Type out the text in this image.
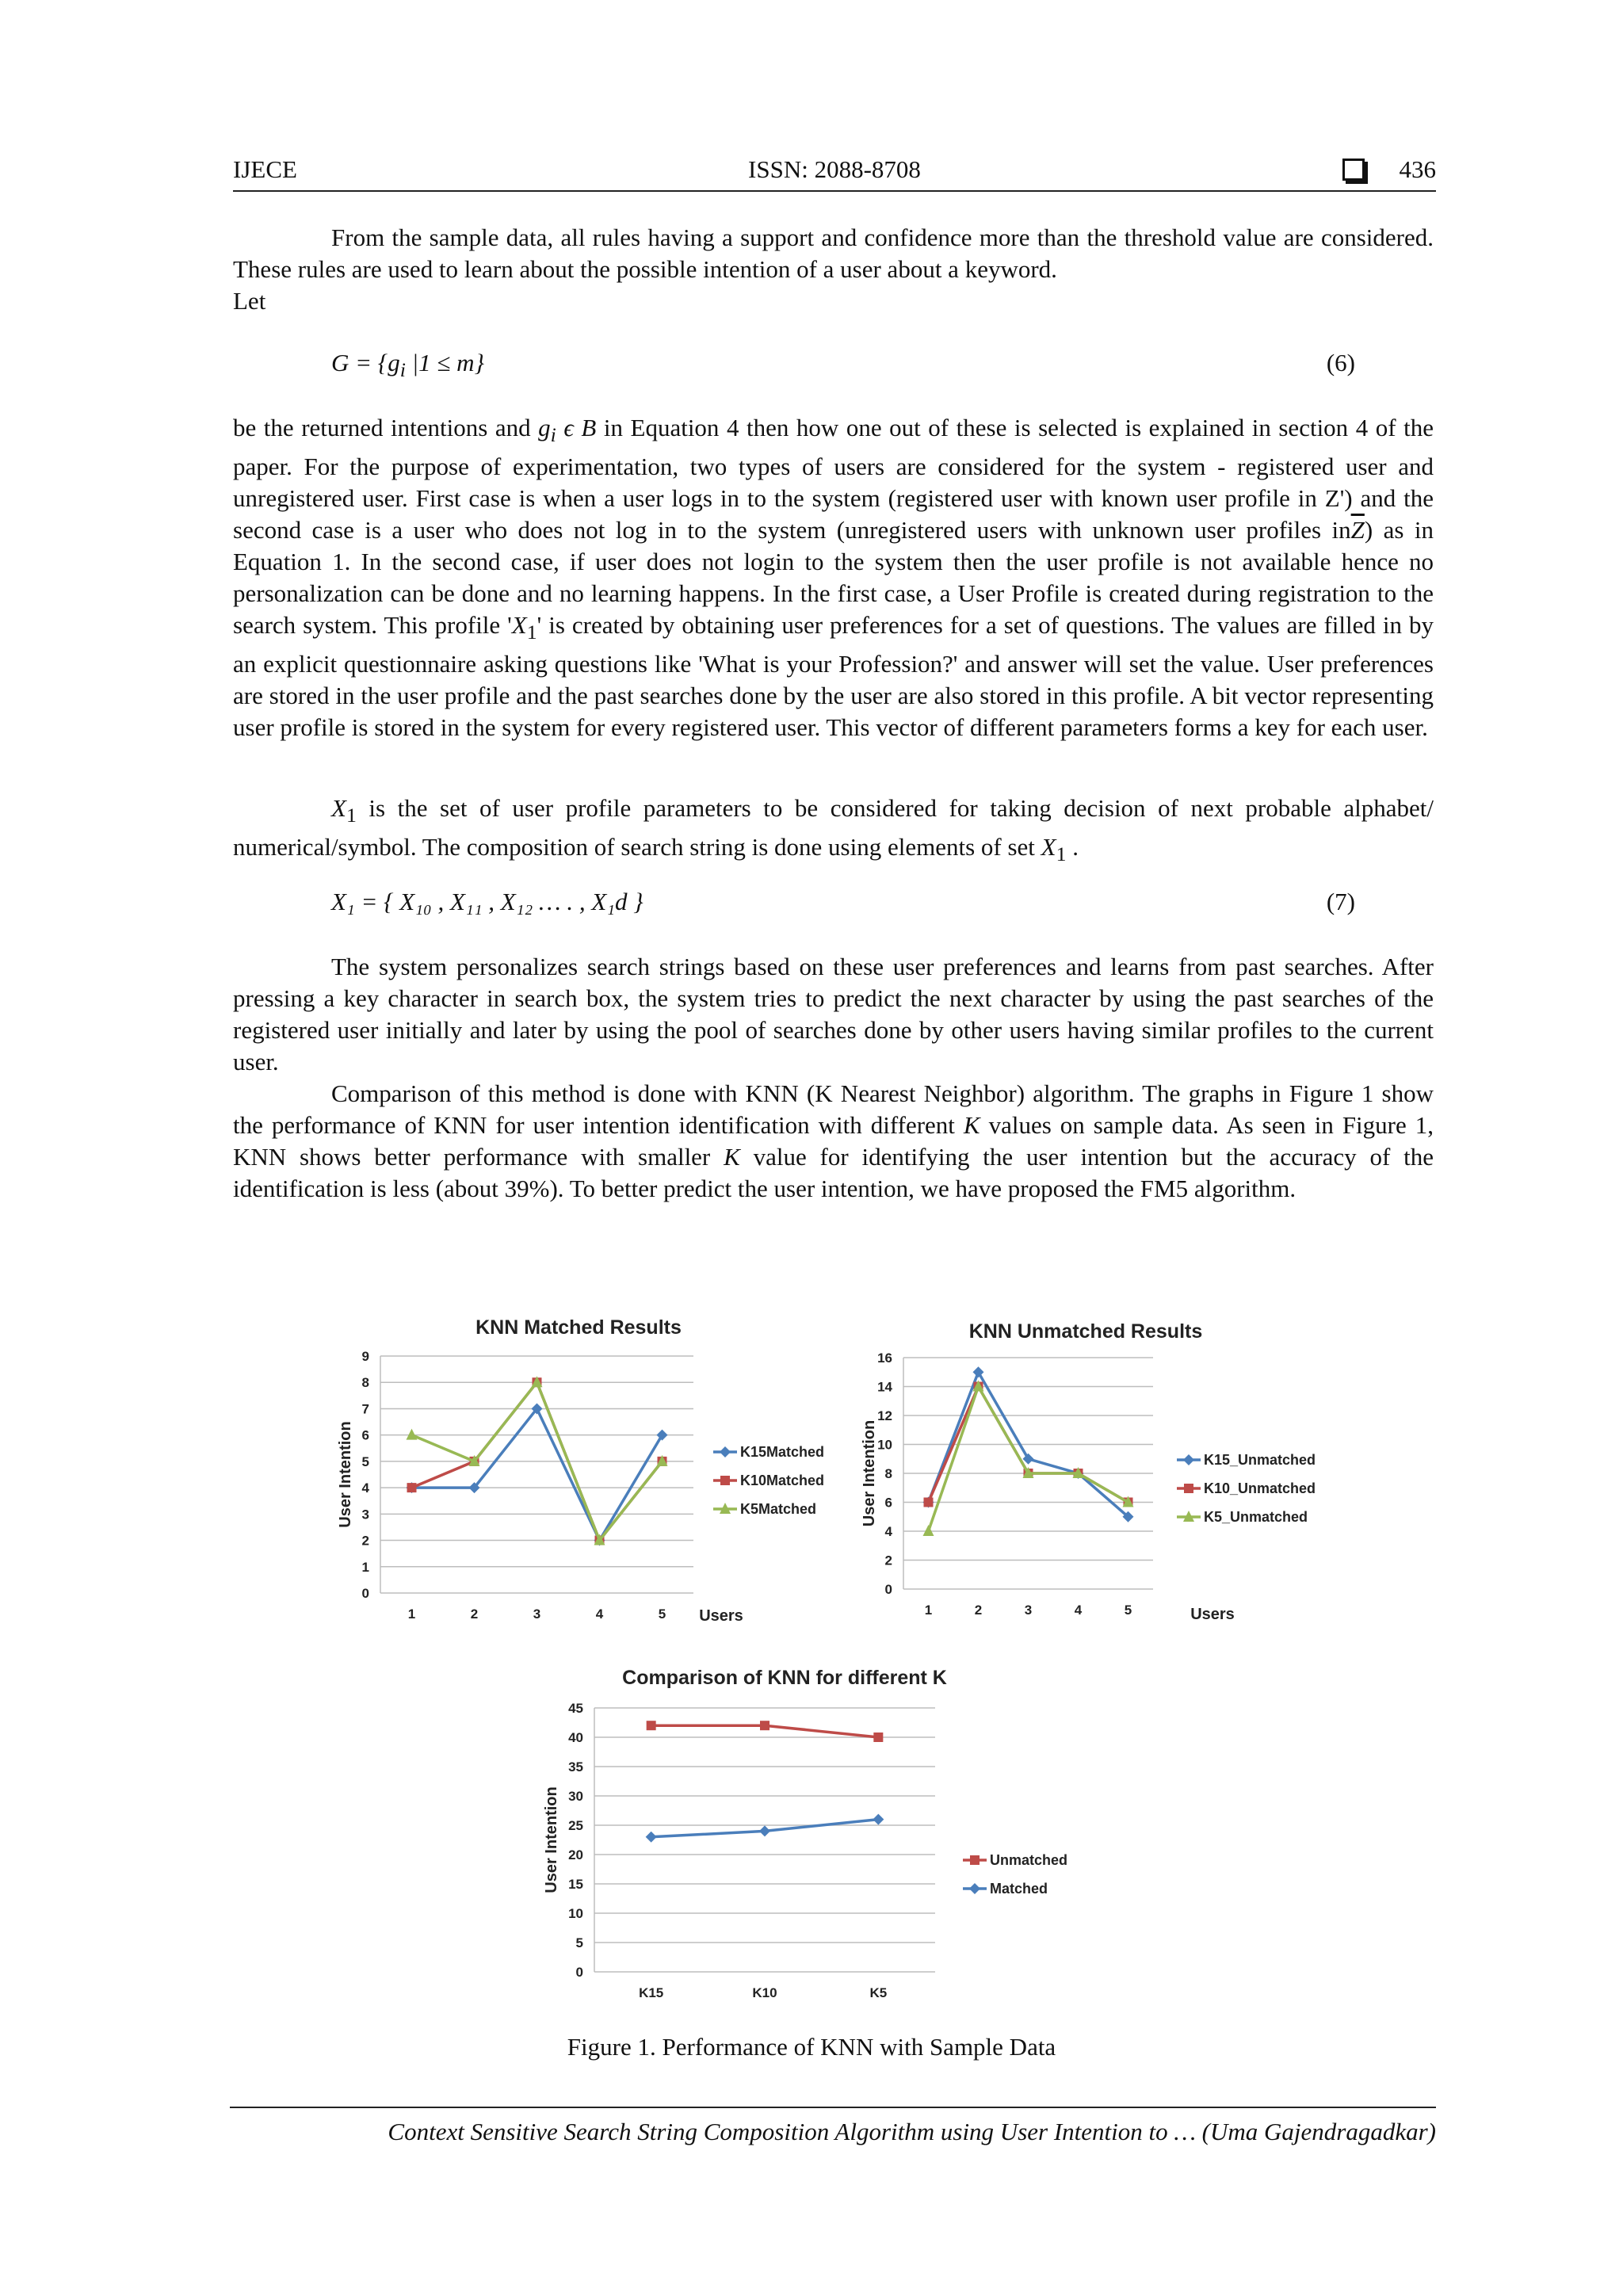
IJECE	ISSN: 2088-8708	436
From the sample data, all rules having a support and confidence more than the threshold value are considered. These rules are used to learn about the possible intention of a user about a keyword.
Let
$G = \{g_i$ |1 ≤ m}	(6)
be the returned intentions and $g_i$ ϵ B in Equation 4 then how one out of these is selected is explained in section 4 of the paper. For the purpose of experimentation, two types of users are considered for the system - registered user and unregistered user. First case is when a user logs in to the system (registered user with known user profile in Z') and the second case is a user who does not log in to the system (unregistered users with unknown user profiles $in\overline{Z}$) as in Equation 1. In the second case, if user does not login to the system then the user profile is not available hence no personalization can be done and no learning happens. In the first case, a User Profile is created during registration to the search system. This profile '$X_1$' is created by obtaining user preferences for a set of questions. The values are filled in by an explicit questionnaire asking questions like 'What is your Profession?' and answer will set the value. User preferences are stored in the user profile and the past searches done by the user are also stored in this profile. A bit vector representing user profile is stored in the system for every registered user. This vector of different parameters forms a key for each user.
$X_1$ is the set of user profile parameters to be considered for taking decision of next probable alphabet/ numerical/symbol. The composition of search string is done using elements of set $X_1$ .
X₁ = { X₁₀ , X₁₁ , X₁₂ … . , X₁d }	(7)
The system personalizes search strings based on these user preferences and learns from past searches. After pressing a key character in search box, the system tries to predict the next character by using the past searches of the registered user initially and later by using the pool of searches done by other users having similar profiles to the current user.
Comparison of this method is done with KNN (K Nearest Neighbor) algorithm. The graphs in Figure 1 show the performance of KNN for user intention identification with different K values on sample data. As seen in Figure 1, KNN shows better performance with smaller K value for identifying the user intention but the accuracy of the identification is less (about 39%). To better predict the user intention, we have proposed the FM5 algorithm.
KNN Matched Results
0
1
2
3
4
5
6
7
8
9
1	2	3	4	5
User Intention
Users
K15Matched
K10Matched
K5Matched
KNN Unmatched Results
0
2
4
6
8
10
12
14
16
1	2	3	4	5
User Intention
Users
K15_Unmatched
K10_Unmatched
K5_Unmatched
Comparison of KNN for different K
0
5
10
15
20
25
30
35
40
45
K15	K10	K5
User Intention	Unmatched
Matched
Figure 1. Performance of KNN with Sample Data
Context Sensitive Search String Composition Algorithm using User Intention to … (Uma Gajendragadkar)
